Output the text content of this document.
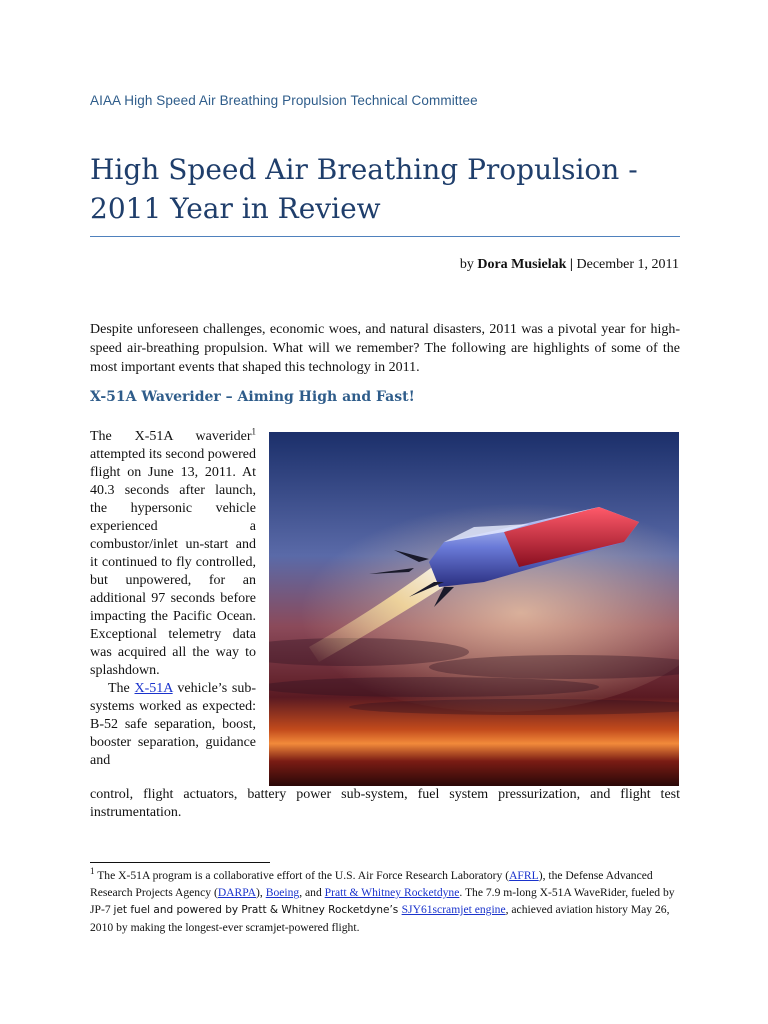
AIAA High Speed Air Breathing Propulsion Technical Committee
High Speed Air Breathing Propulsion -
2011 Year in Review
by Dora Musielak | December 1, 2011

Despite unforeseen challenges, economic woes, and natural disasters, 2011 was a pivotal year for high-speed air-breathing propulsion. What will we remember? The following are highlights of some of the most important events that shaped this technology in 2011.

X-51A Waverider – Aiming High and Fast!

The X-51A waverider$^1$ attempted its second powered flight on June 13, 2011. At 40.3 seconds after launch, the hypersonic vehicle experienced a combustor/inlet un-start and it continued to fly controlled, but unpowered, for an additional 97 seconds before impacting the Pacific Ocean. Exceptional telemetry data was acquired all the way to splashdown.

The X-51A vehicle’s sub-systems worked as expected: B-52 safe separation, boost, booster separation, guidance and

control, flight actuators, battery power sub-system, fuel system pressurization, and flight test instrumentation.

$^1$ The X-51A program is a collaborative effort of the U.S. Air Force Research Laboratory (AFRL), the Defense Advanced Research Projects Agency (DARPA), Boeing, and Pratt & Whitney Rocketdyne. The 7.9 m-long X-51A WaveRider, fueled by JP-7 jet fuel and powered by Pratt & Whitney Rocketdyne’s SJY61scramjet engine, achieved aviation history May 26, 2010 by making the longest-ever scramjet-powered flight.
